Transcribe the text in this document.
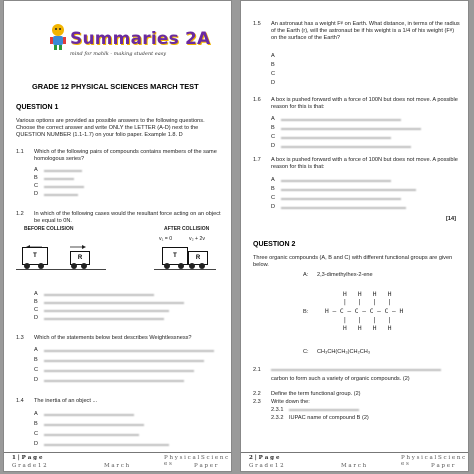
Summaries 2A
mind for mahlk - making student easy
GRADE 12 PHYSICAL SCIENCES MARCH TEST
QUESTION 1
Various options are provided as possible answers to the following questions. Choose the correct answer and write ONLY the LETTER (A-D) next to the QUESTION NUMBER (1.1-1.7) on your folio paper. Example 1.8. D
1.1 Which of the following pairs of compounds contains members of the same homologous series?
A
B
C
D
1.2 In which of the following cases would the resultant force acting on an object be equal to 0N.
BEFORE COLLISION	AFTER COLLISION
v₁ = 0	v₂ + 2v
T	R	T	R
A
B
C
D
1.3 Which of the statements below best describes Weightlessness?
A
B
C
D
1.4 The inertia of an object ...
A
B
C
D
1 | P a g e
G r a d e 1 2	M a r c h
P h y s i c a l S c i e n c e s	P a p e r
1.5 An astronaut has a weight Fᵠ on Earth. What distance, in terms of the radius of the Earth (r), will the astronaut be if his weight is a 1/4 of his weight (Fᵠ) on the surface of the Earth?
A
B
C
D
1.6 A box is pushed forward with a force of 100N but does not move. A possible reason for this is that:
A
B
C
D
1.7 A box is pushed forward with a force of 100N but does not move. A possible reason for this is that:
A
B
C
D
[14]
QUESTION 2
Three organic compounds (A, B and C) with different functional groups are given below.
A: 2,3-dimethylhex-2-ene
B:
H   H   H   H
|   |   |   |
H — C — C — C — C — H
|   |   |   |
H   H   H   H
C: CH₃CH(CH₃)CH₂CH₃
2.1
carbon to form such a variety of organic compounds. (2)
2.2 Define the term functional group. (2)
2.3 Write down the:
2.3.1
2.3.2 IUPAC name of compound B (2)
2 | P a g e
G r a d e 1 2	M a r c h
P h y s i c a l S c i e n c e s	P a p e r
